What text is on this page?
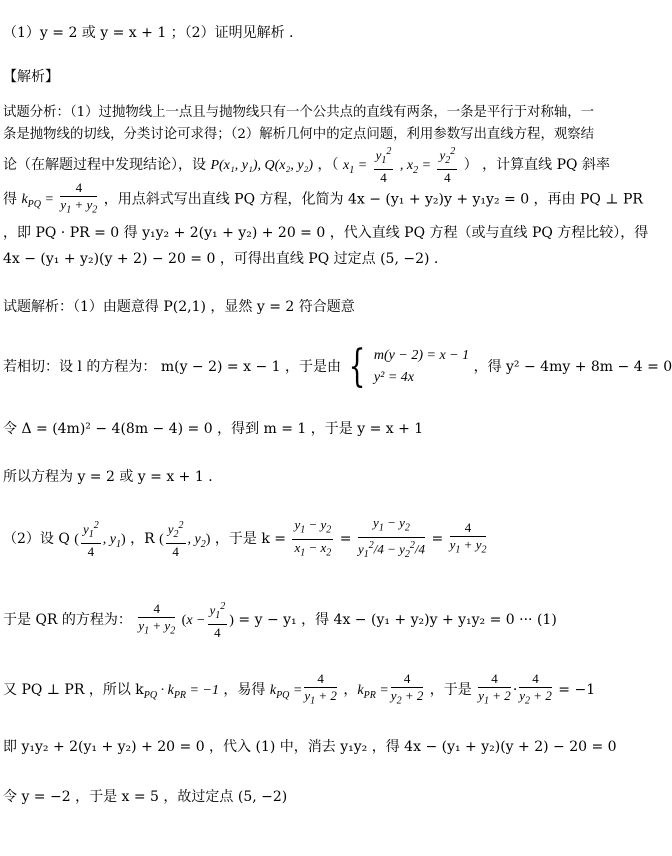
（1）y = 2 或 y = x + 1 ；（2）证明见解析 .
【解析】
试题分析：（1）过抛物线上一点且与抛物线只有一个公共点的直线有两条，一条是平行于对称轴，一
条是抛物线的切线，分类讨论可求得；（2）解析几何中的定点问题，利用参数写出直线方程，观察结
论（在解题过程中发现结论），设 P(x₁, y₁), Q(x₂, y₂) ，（ $x_1 = \frac{y_1^2}{4}$ , $x_2 = \frac{y_2^2}{4}$ ） ，计算直线 PQ 斜率
得 $k_{PQ} = \frac{4}{y_1 + y_2}$ ，用点斜式写出直线 PQ 方程，化简为 4x − (y₁ + y₂)y + y₁y₂ = 0 ，再由 PQ ⊥ PR
，即 PQ · PR = 0 得 y₁y₂ + 2(y₁ + y₂) + 20 = 0 ，代入直线 PQ 方程（或与直线 PQ 方程比较），得
4x − (y₁ + y₂)(y + 2) − 20 = 0 ，可得出直线 PQ 过定点 (5, −2) .
试题解析：（1）由题意得 P(2,1) ，显然 y = 2 符合题意
若相切：设 l 的方程为： m(y − 2) = x − 1 ，于是由 { m(y − 2) = x − 1
y² = 4x
，得 y² − 4my + 8m − 4 = 0
令 Δ = (4m)² − 4(8m − 4) = 0 ，得到 m = 1 ，于是 y = x + 1
所以方程为 y = 2 或 y = x + 1 .
（2）设 Q ( $\frac{y_1^2}{4}$ , $y_1$) ，R ( $\frac{y_2^2}{4}$ , $y_2$) ，于是 $k = \frac{y_1 - y_2}{x_1 - x_2} = \frac{y_1 - y_2}{y_1^2/4 - y_2^2/4} = \frac{4}{y_1 + y_2}$
于是 QR 的方程为： $\frac{4}{y_1 + y_2} (x - \frac{y_1^2}{4}$ ) = y − y₁ ，得 4x − (y₁ + y₂)y + y₁y₂ = 0 ··· (1)
又 PQ ⊥ PR ，所以 $k_{PQ} \cdot k_{PR} = -1$ ，易得 $k_{PQ} = \frac{4}{y_1 + 2}$ ，$k_{PR} = \frac{4}{y_2 + 2}$ ，于是 $\frac{4}{y_1 + 2} \cdot \frac{4}{y_2 + 2} = -1$
即 y₁y₂ + 2(y₁ + y₂) + 20 = 0 ，代入 (1) 中，消去 y₁y₂ ，得 4x − (y₁ + y₂)(y + 2) − 20 = 0
令 y = −2 ，于是 x = 5 ，故过定点 (5, −2)
